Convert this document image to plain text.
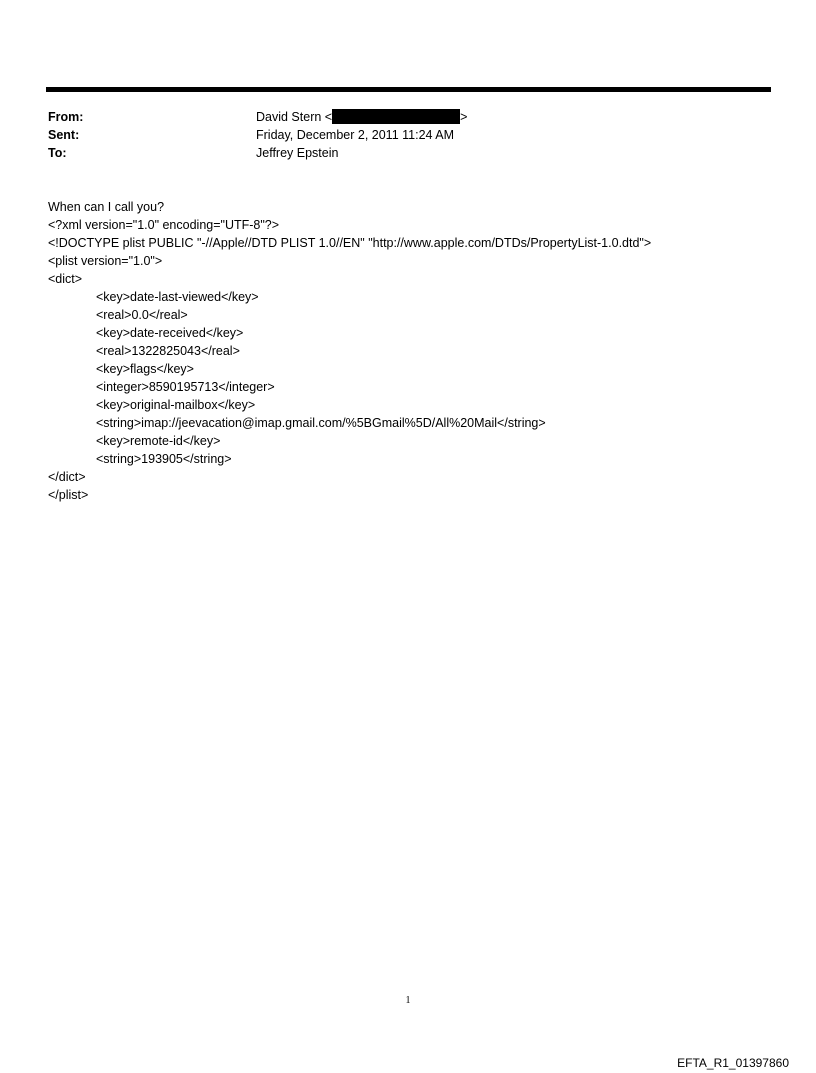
From:	David Stern <	>
Sent:	Friday, December 2, 2011 11:24 AM
To:	Jeffrey Epstein
When can I call you?
<?xml version="1.0" encoding="UTF-8"?>
<!DOCTYPE plist PUBLIC "-//Apple//DTD PLIST 1.0//EN" "http://www.apple.com/DTDs/PropertyList-1.0.dtd">
<plist version="1.0">
<dict>
<key>date-last-viewed</key>
<real>0.0</real>
<key>date-received</key>
<real>1322825043</real>
<key>flags</key>
<integer>8590195713</integer>
<key>original-mailbox</key>
<string>imap://jeevacation@imap.gmail.com/%5BGmail%5D/All%20Mail</string>
<key>remote-id</key>
<string>193905</string>
</dict>
</plist>
1
EFTA_R1_01397860
